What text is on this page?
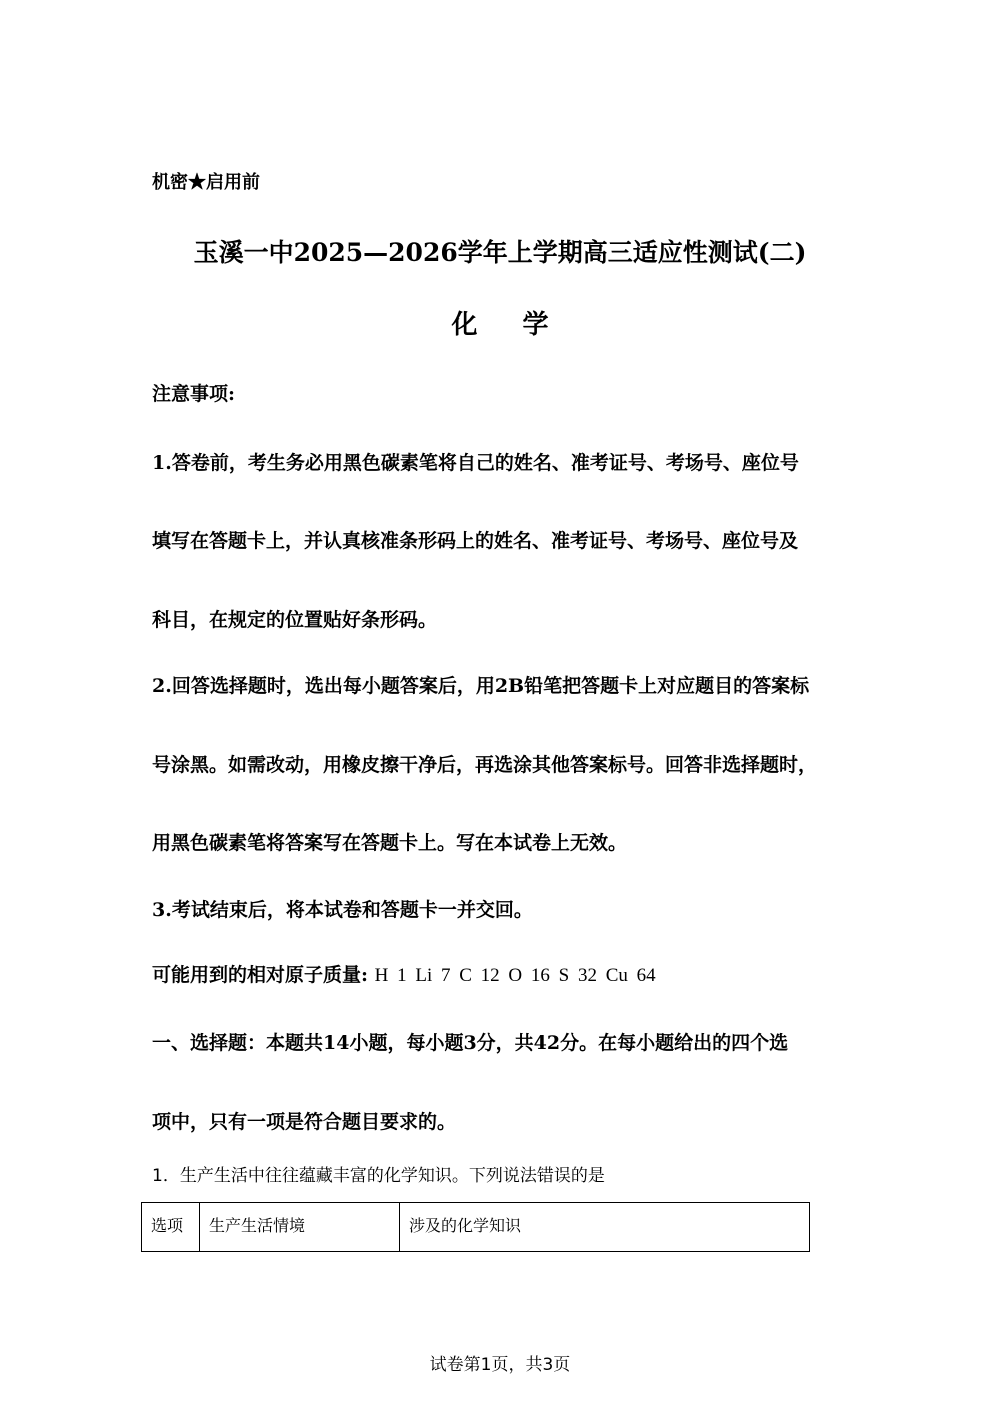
机密★启用前
玉溪一中2025—2026学年上学期高三适应性测试(二)
化 学
注意事项:
1.答卷前，考生务必用黑色碳素笔将自己的姓名、准考证号、考场号、座位号
填写在答题卡上，并认真核准条形码上的姓名、准考证号、考场号、座位号及
科目，在规定的位置贴好条形码。
2.回答选择题时，选出每小题答案后，用2B铅笔把答题卡上对应题目的答案标
号涂黑。如需改动，用橡皮擦干净后，再选涂其他答案标号。回答非选择题时，
用黑色碳素笔将答案写在答题卡上。写在本试卷上无效。
3.考试结束后，将本试卷和答题卡一并交回。
可能用到的相对原子质量: H 1 Li 7 C 12 O 16 S 32 Cu 64
一、选择题：本题共14小题，每小题3分，共42分。在每小题给出的四个选
项中，只有一项是符合题目要求的。
1．生产生活中往往蕴藏丰富的化学知识。下列说法错误的是
选项	生产生活情境	涉及的化学知识
试卷第1页，共3页
